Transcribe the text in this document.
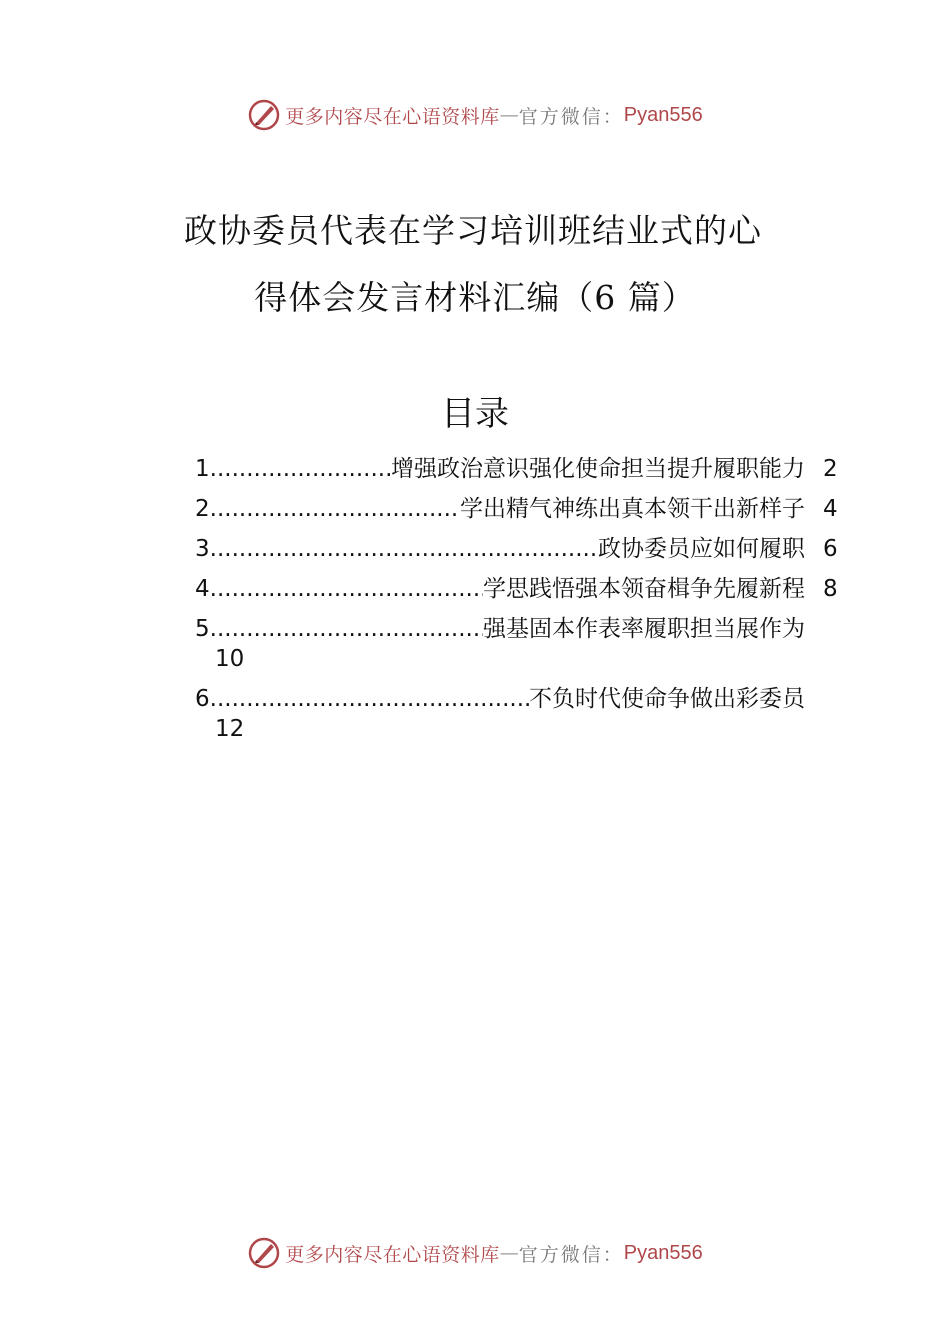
更多内容尽在心语资料库 — 官方微信： Pyan556
政协委员代表在学习培训班结业式的心
得体会发言材料汇编（6 篇）
目录
1 .....	增强政治意识强化使命担当提升履职能力 2
2 .....	学出精气神练出真本领干出新样子 4
3 .....	政协委员应如何履职 6
4 .....	学思践悟强本领奋楫争先履新程 8
5 .....	强基固本作表率履职担当展作为
10
6 .....	不负时代使命争做出彩委员
12
更多内容尽在心语资料库 — 官方微信： Pyan556
